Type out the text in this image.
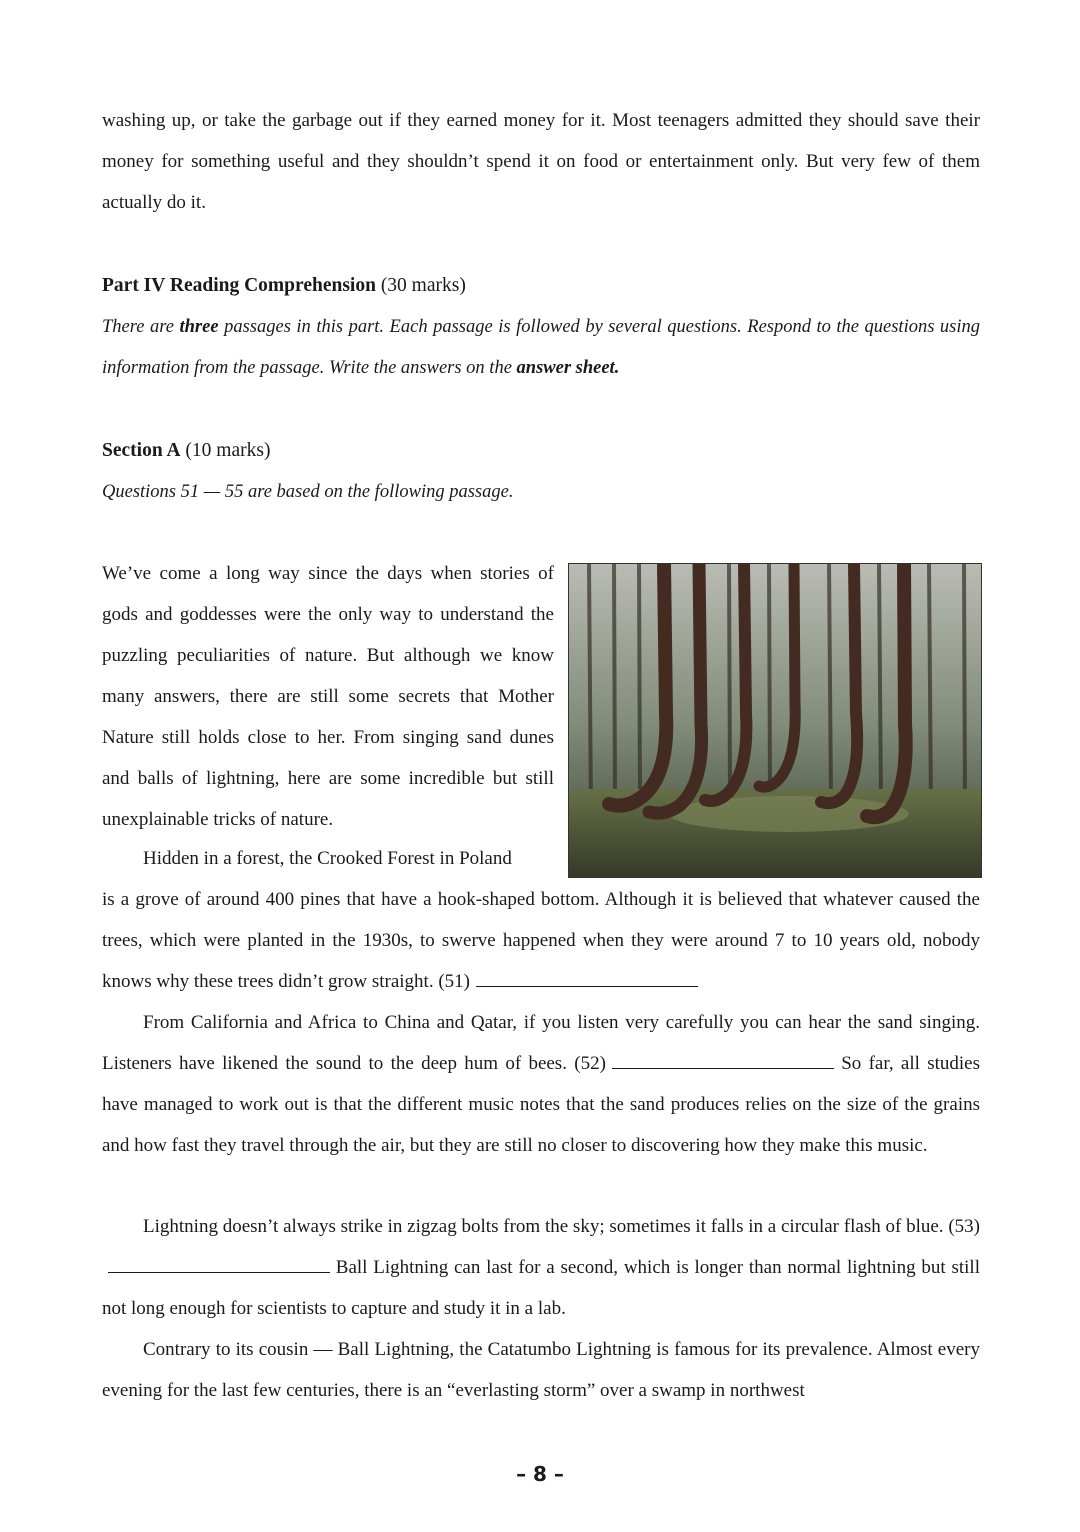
washing up, or take the garbage out if they earned money for it. Most teenagers admitted they should save their money for something useful and they shouldn’t spend it on food or entertainment only. But very few of them actually do it.

Part IV Reading Comprehension (30 marks)

There are three passages in this part. Each passage is followed by several questions. Respond to the questions using information from the passage. Write the answers on the answer sheet.

Section A (10 marks)

Questions 51 — 55 are based on the following passage.

We’ve come a long way since the days when stories of gods and goddesses were the only way to understand the puzzling peculiarities of nature. But although we know many answers, there are still some secrets that Mother Nature still holds close to her. From singing sand dunes and balls of lightning, here are some incredible but still unexplainable tricks of nature.

Hidden in a forest, the Crooked Forest in Poland

is a grove of around 400 pines that have a hook-shaped bottom. Although it is believed that whatever caused the trees, which were planted in the 1930s, to swerve happened when they were around 7 to 10 years old, nobody knows why these trees didn’t grow straight. (51)

From California and Africa to China and Qatar, if you listen very carefully you can hear the sand singing. Listeners have likened the sound to the deep hum of bees. (52)	So far, all studies have managed to work out is that the different music notes that the sand produces relies on the size of the grains and how fast they travel through the air, but they are still no closer to discovering how they make this music.

Lightning doesn’t always strike in zigzag bolts from the sky; sometimes it falls in a circular flash of blue. (53) Ball Lightning can last for a second, which is longer than normal lightning but still not long enough for scientists to capture and study it in a lab.

Contrary to its cousin — Ball Lightning, the Catatumbo Lightning is famous for its prevalence. Almost every evening for the last few centuries, there is an “everlasting storm” over a swamp in northwest

– 8 –
